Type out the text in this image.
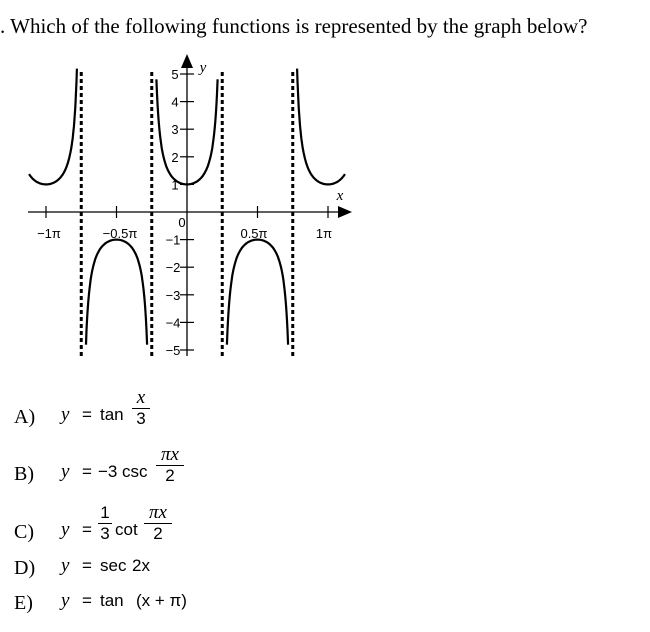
. Which of the following functions is represented by the graph below?
x
y
−1π	−0.5π
0
0.5π	1π
2
3
4
5
1
−1
−2
−3
−4
−5
A) y = tan
x
3
B) y = −3 csc
πx
2
C) y =
1
3 cot
πx
2
D) y = sec 2x
E) y = tan (x + π)
